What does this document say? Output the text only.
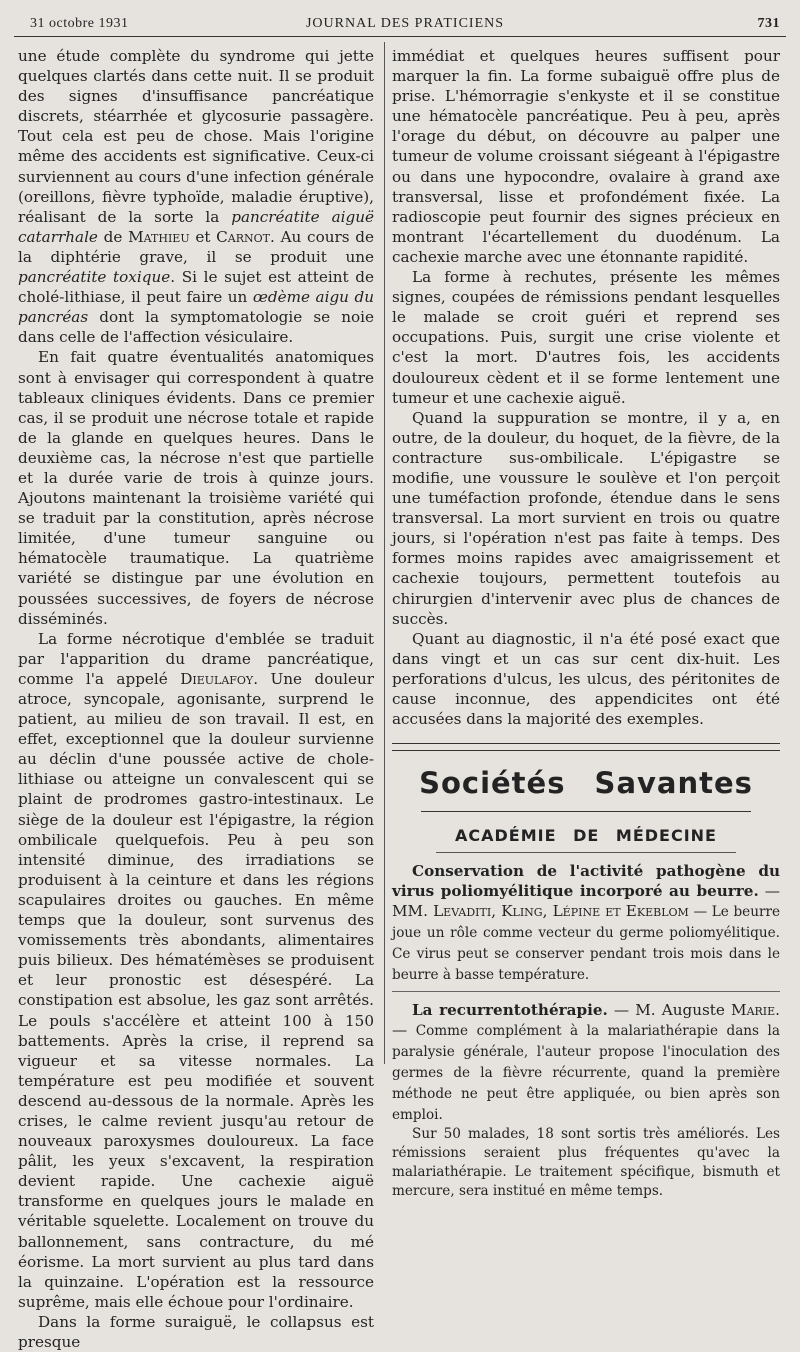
31 octobre 1931	JOURNAL DES PRATICIENS	731

une étude complète du syndrome qui jette quelques clartés dans cette nuit. Il se produit des signes d'insuffisance pancréatique discrets, stéarrhée et glycosurie passagère. Tout cela est peu de chose. Mais l'origine même des accidents est significative. Ceux-ci surviennent au cours d'une infection générale (oreillons, fièvre typhoïde, maladie éruptive), réalisant de la sorte la pancréatite aiguë catarrhale de Mathieu et Carnot. Au cours de la diphtérie grave, il se produit une pancréatite toxique. Si le sujet est atteint de cholé-lithiase, il peut faire un œdème aigu du pancréas dont la symptomatologie se noie dans celle de l'affection vésiculaire.

En fait quatre éventualités anatomiques sont à envisager qui correspondent à quatre tableaux cliniques évidents. Dans ce premier cas, il se produit une nécrose totale et rapide de la glande en quelques heures. Dans le deuxième cas, la nécrose n'est que partielle et la durée varie de trois à quinze jours. Ajoutons maintenant la troisième variété qui se traduit par la constitution, après nécrose limitée, d'une tumeur sanguine ou hématocèle traumatique. La quatrième variété se distingue par une évolution en poussées successives, de foyers de nécrose disséminés.

La forme nécrotique d'emblée se traduit par l'apparition du drame pancréatique, comme l'a appelé Dieulafoy. Une douleur atroce, syncopale, agonisante, surprend le patient, au milieu de son travail. Il est, en effet, exceptionnel que la douleur survienne au déclin d'une poussée active de chole-lithiase ou atteigne un convalescent qui se plaint de prodromes gastro-intestinaux. Le siège de la douleur est l'épigastre, la région ombilicale quelquefois. Peu à peu son intensité diminue, des irradiations se produisent à la ceinture et dans les régions scapulaires droites ou gauches. En même temps que la douleur, sont survenus des vomissements très abondants, alimentaires puis bilieux. Des hématémèses se produisent et leur pronostic est désespéré. La constipation est absolue, les gaz sont arrêtés. Le pouls s'accélère et atteint 100 à 150 battements. Après la crise, il reprend sa vigueur et sa vitesse normales. La température est peu modifiée et souvent descend au-dessous de la normale. Après les crises, le calme revient jusqu'au retour de nouveaux paroxysmes douloureux. La face pâlit, les yeux s'excavent, la respiration devient rapide. Une cachexie aiguë transforme en quelques jours le malade en véritable squelette. Localement on trouve du ballonnement, sans contracture, du mé éorisme. La mort survient au plus tard dans la quinzaine. L'opération est la ressource suprême, mais elle échoue pour l'ordinaire.

Dans la forme suraiguë, le collapsus est presque

immédiat et quelques heures suffisent pour marquer la fin. La forme subaiguë offre plus de prise. L'hémorragie s'enkyste et il se constitue une hématocèle pancréatique. Peu à peu, après l'orage du début, on découvre au palper une tumeur de volume croissant siégeant à l'épigastre ou dans une hypocondre, ovalaire à grand axe transversal, lisse et profondément fixée. La radioscopie peut fournir des signes précieux en montrant l'écartellement du duodénum. La cachexie marche avec une étonnante rapidité.

La forme à rechutes, présente les mêmes signes, coupées de rémissions pendant lesquelles le malade se croit guéri et reprend ses occupations. Puis, surgit une crise violente et c'est la mort. D'autres fois, les accidents douloureux cèdent et il se forme lentement une tumeur et une cachexie aiguë.

Quand la suppuration se montre, il y a, en outre, de la douleur, du hoquet, de la fièvre, de la contracture sus-ombilicale. L'épigastre se modifie, une voussure le soulève et l'on perçoit une tuméfaction profonde, étendue dans le sens transversal. La mort survient en trois ou quatre jours, si l'opération n'est pas faite à temps. Des formes moins rapides avec amaigrissement et cachexie toujours, permettent toutefois au chirurgien d'intervenir avec plus de chances de succès.

Quant au diagnostic, il n'a été posé exact que dans vingt et un cas sur cent dix-huit. Les perforations d'ulcus, les ulcus, des péritonites de cause inconnue, des appendicites ont été accusées dans la majorité des exemples.

Sociétés Savantes
ACADÉMIE DE MÉDECINE

Conservation de l'activité pathogène du virus poliomyélitique incorporé au beurre. — MM. Levaditi, Kling, Lépine et Ekeblom — Le beurre joue un rôle comme vecteur du germe poliomyélitique. Ce virus peut se conserver pendant trois mois dans le beurre à basse température.

La recurrentothérapie. — M. Auguste Marie. — Comme complément à la malariathérapie dans la paralysie générale, l'auteur propose l'inoculation des germes de la fièvre récurrente, quand la première méthode ne peut être appliquée, ou bien après son emploi.

Sur 50 malades, 18 sont sortis très améliorés. Les rémissions seraient plus fréquentes qu'avec la malariathérapie. Le traitement spécifique, bismuth et mercure, sera institué en même temps.
